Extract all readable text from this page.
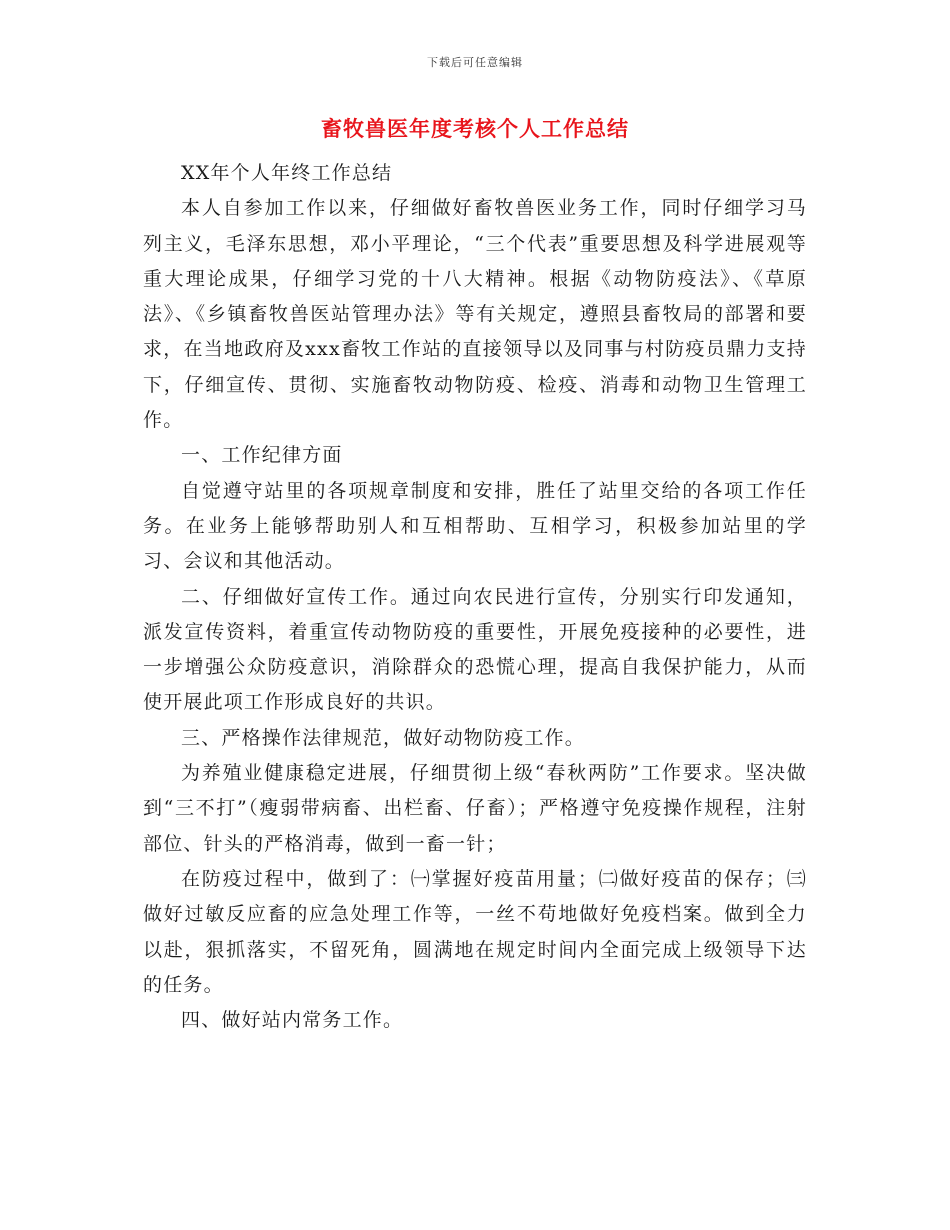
下载后可任意编辑
畜牧兽医年度考核个人工作总结

XX年个人年终工作总结

本人自参加工作以来，仔细做好畜牧兽医业务工作，同时仔细学习马列主义，毛泽东思想，邓小平理论，“三个代表”重要思想及科学进展观等重大理论成果，仔细学习党的十八大精神。根据《动物防疫法》、《草原法》、《乡镇畜牧兽医站管理办法》等有关规定，遵照县畜牧局的部署和要求，在当地政府及xxx畜牧工作站的直接领导以及同事与村防疫员鼎力支持下，仔细宣传、贯彻、实施畜牧动物防疫、检疫、消毒和动物卫生管理工作。

一、工作纪律方面

自觉遵守站里的各项规章制度和安排，胜任了站里交给的各项工作任务。在业务上能够帮助别人和互相帮助、互相学习，积极参加站里的学习、会议和其他活动。

二、仔细做好宣传工作。通过向农民进行宣传，分别实行印发通知，派发宣传资料，着重宣传动物防疫的重要性，开展免疫接种的必要性，进一步增强公众防疫意识，消除群众的恐慌心理，提高自我保护能力，从而使开展此项工作形成良好的共识。

三、严格操作法律规范，做好动物防疫工作。

为养殖业健康稳定进展，仔细贯彻上级“春秋两防”工作要求。坚决做到“三不打”（瘦弱带病畜、出栏畜、仔畜）；严格遵守免疫操作规程，注射部位、针头的严格消毒，做到一畜一针；

在防疫过程中，做到了：㈠掌握好疫苗用量；㈡做好疫苗的保存；㈢做好过敏反应畜的应急处理工作等，一丝不苟地做好免疫档案。做到全力以赴，狠抓落实，不留死角，圆满地在规定时间内全面完成上级领导下达的任务。

四、做好站内常务工作。
